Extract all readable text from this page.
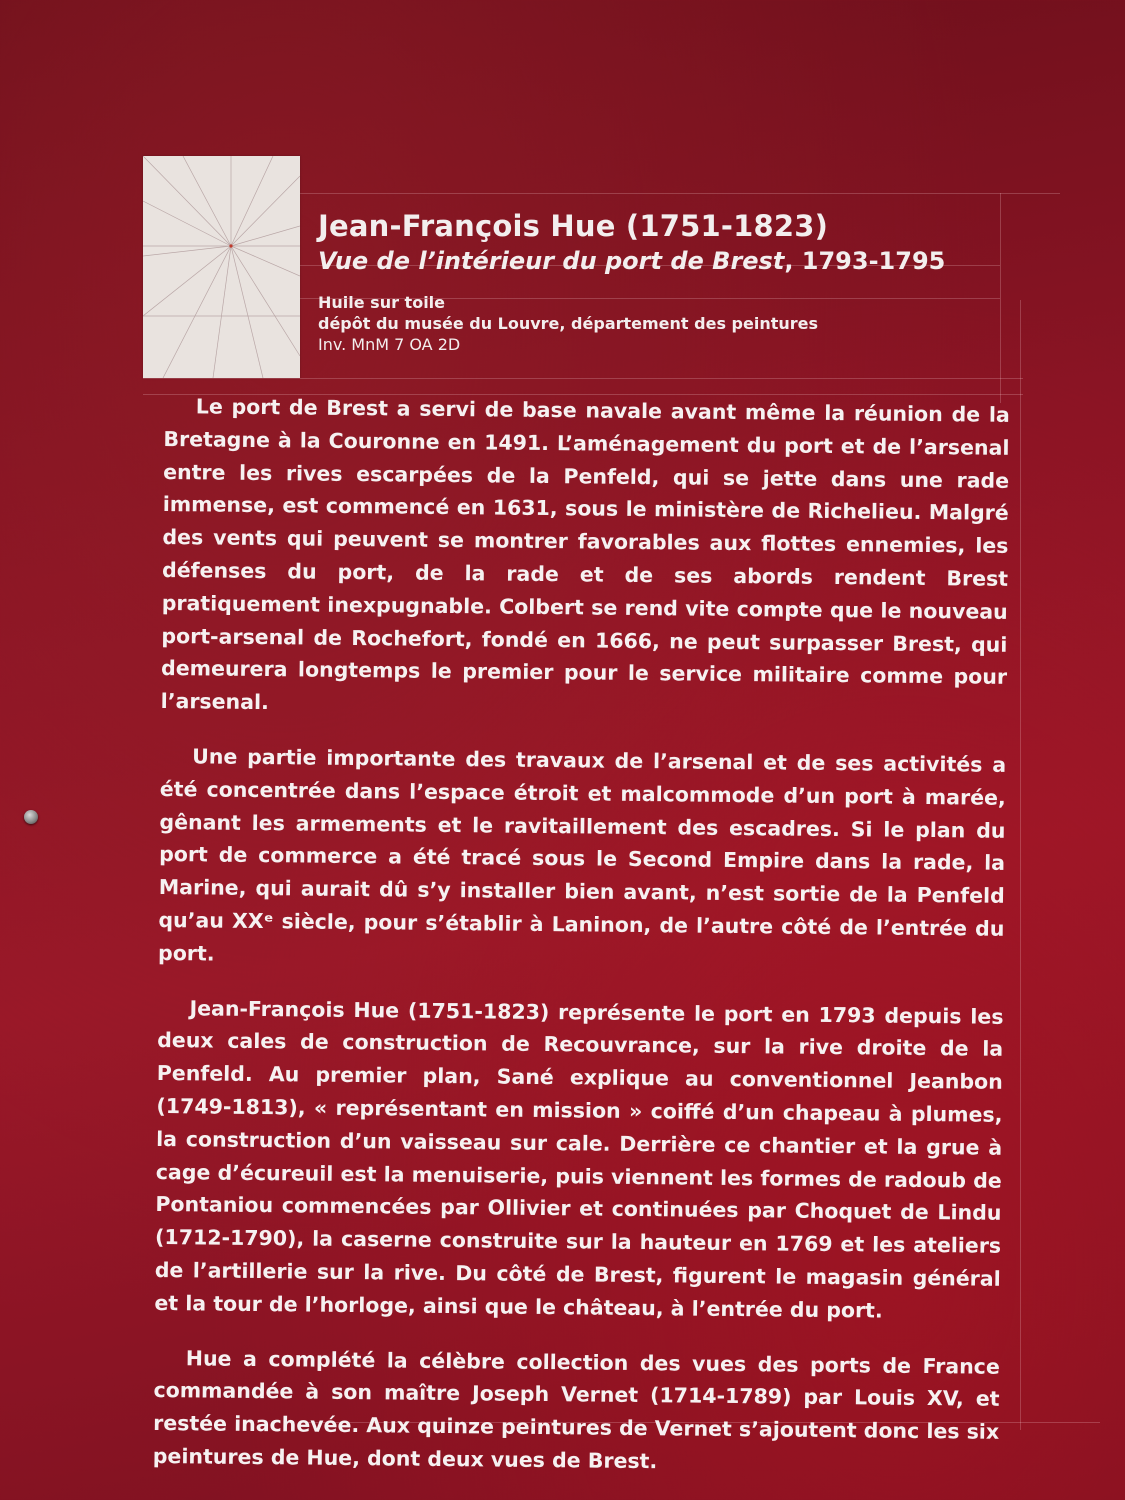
Jean-François Hue (1751-1823)
Vue de l’intérieur du port de Brest, 1793-1795
Huile sur toile
dépôt du musée du Louvre, département des peintures
Inv. MnM 7 OA 2D

Le port de Brest a servi de base navale avant même la réunion de la Bretagne à la Couronne en 1491. L’aménagement du port et de l’arsenal entre les rives escarpées de la Penfeld, qui se jette dans une rade immense, est commencé en 1631, sous le ministère de Richelieu. Malgré des vents qui peuvent se montrer favorables aux flottes ennemies, les défenses du port, de la rade et de ses abords rendent Brest pratiquement inexpugnable. Colbert se rend vite compte que le nouveau port-arsenal de Rochefort, fondé en 1666, ne peut surpasser Brest, qui demeurera longtemps le premier pour le service militaire comme pour l’arsenal.

Une partie importante des travaux de l’arsenal et de ses activités a été concentrée dans l’espace étroit et malcommode d’un port à marée, gênant les armements et le ravitaillement des escadres. Si le plan du port de commerce a été tracé sous le Second Empire dans la rade, la Marine, qui aurait dû s’y installer bien avant, n’est sortie de la Penfeld qu’au XXᵉ siècle, pour s’établir à Laninon, de l’autre côté de l’entrée du port.

Jean-François Hue (1751-1823) représente le port en 1793 depuis les deux cales de construction de Recouvrance, sur la rive droite de la Penfeld. Au premier plan, Sané explique au conventionnel Jeanbon (1749-1813), « représentant en mission » coiffé d’un chapeau à plumes, la construction d’un vaisseau sur cale. Derrière ce chantier et la grue à cage d’écureuil est la menuiserie, puis viennent les formes de radoub de Pontaniou commencées par Ollivier et continuées par Choquet de Lindu (1712-1790), la caserne construite sur la hauteur en 1769 et les ateliers de l’artillerie sur la rive. Du côté de Brest, figurent le magasin général et la tour de l’horloge, ainsi que le château, à l’entrée du port.

Hue a complété la célèbre collection des vues des ports de France commandée à son maître Joseph Vernet (1714-1789) par Louis XV, et restée inachevée. Aux quinze peintures de Vernet s’ajoutent donc les six peintures de Hue, dont deux vues de Brest.
